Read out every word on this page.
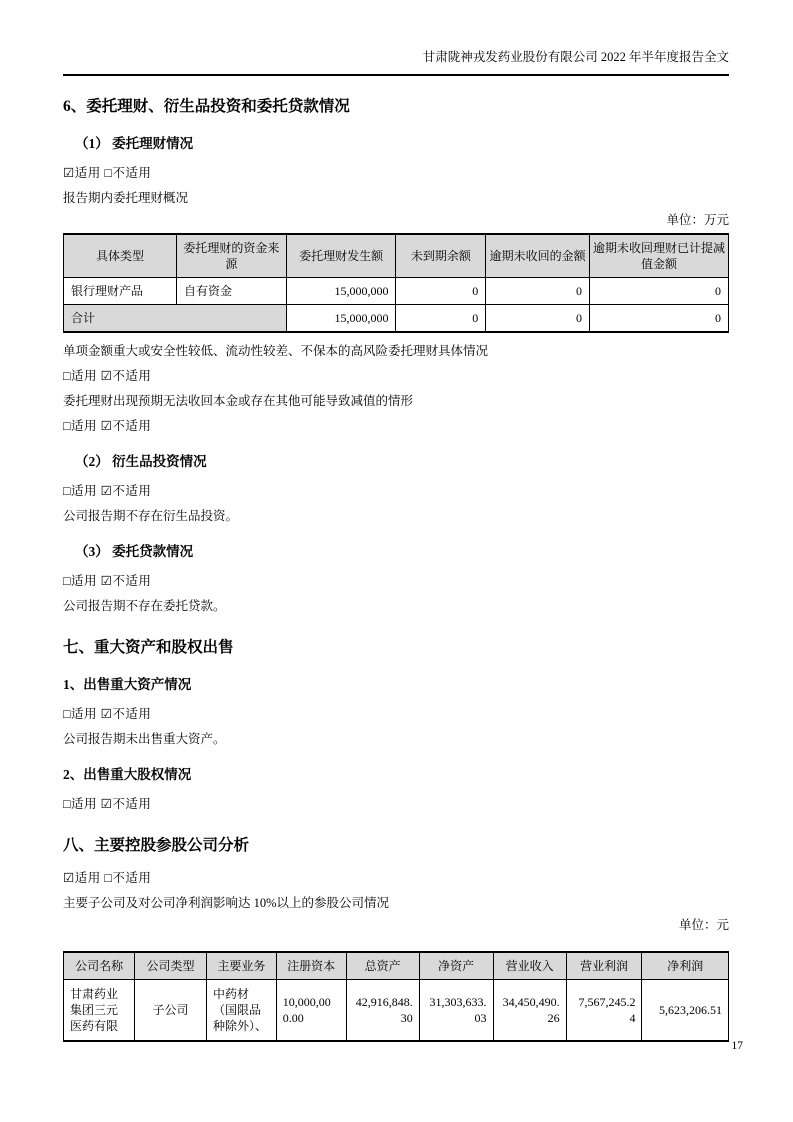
甘肃陇神戎发药业股份有限公司 2022 年半年度报告全文
6、委托理财、衍生品投资和委托贷款情况
（1） 委托理财情况

☑适用 □不适用

报告期内委托理财概况

单位：万元
具体类型	委托理财的资金来源	委托理财发生额	未到期余额	逾期未收回的金额	逾期未收回理财已计提减值金额
银行理财产品	自有资金	15,000,000	0	0	0
合计		15,000,000	0	0	0

单项金额重大或安全性较低、流动性较差、不保本的高风险委托理财具体情况

□适用 ☑不适用

委托理财出现预期无法收回本金或存在其他可能导致减值的情形

□适用 ☑不适用

（2） 衍生品投资情况

□适用 ☑不适用

公司报告期不存在衍生品投资。

（3） 委托贷款情况

□适用 ☑不适用

公司报告期不存在委托贷款。

七、重大资产和股权出售
1、出售重大资产情况

□适用 ☑不适用

公司报告期未出售重大资产。

2、出售重大股权情况

□适用 ☑不适用

八、主要控股参股公司分析

☑适用 □不适用

主要子公司及对公司净利润影响达 10%以上的参股公司情况

单位：元
公司名称	公司类型	主要业务	注册资本	总资产	净资产	营业收入	营业利润	净利润
甘肃药业集团三元医药有限	子公司	中药材（国限品种除外）、	10,000,000.00	42,916,848.30	31,303,633.03	34,450,490.26	7,567,245.24	5,623,206.51
17
